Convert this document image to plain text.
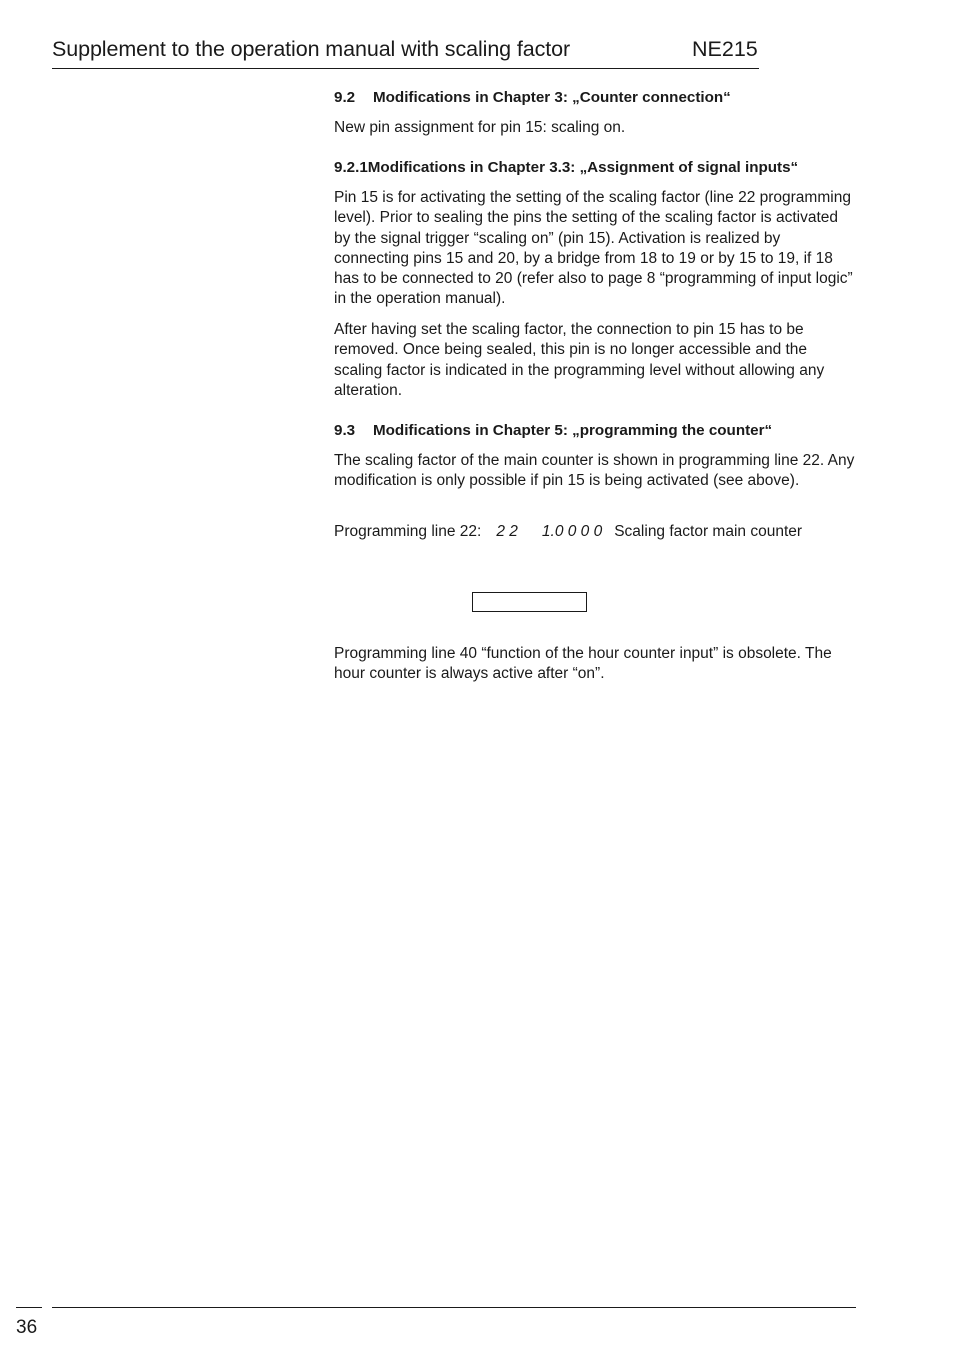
Supplement to the operation manual with scaling factor	NE215
9.2 Modifications in Chapter 3: „Counter connection“

New pin assignment for pin 15: scaling on.

9.2.1Modifications in Chapter 3.3: „Assignment of signal inputs“

Pin 15 is for activating the setting of the scaling factor (line 22 programming level). Prior to sealing the pins the setting of the scaling factor is activated by the signal trigger “scaling on” (pin 15). Activation is realized by connecting pins 15 and 20, by a bridge from 18 to 19 or by 15 to 19, if 18 has to be connected to 20 (refer also to page 8 “programming of input logic” in the operation manual).

After having set the scaling factor, the connection to pin 15 has to be removed. Once being sealed, this pin is no longer accessible and the scaling factor is indicated in the programming level without allowing any alteration.

9.3 Modifications in Chapter 5: „programming the counter“

The scaling factor of the main counter is shown in programming line 22. Any modification is only possible if pin 15 is being activated (see above).

Programming line 22: 2 2 1.0 0 0 0 Scaling factor main counter

Programming line 40 “function of the hour counter input” is obsolete. The hour counter is always active after “on”.

36
